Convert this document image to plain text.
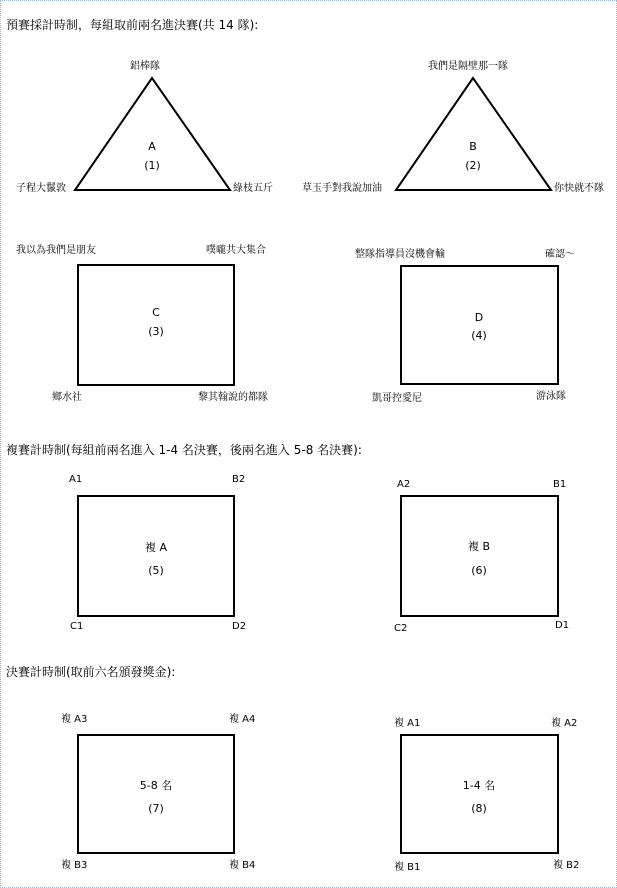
預賽採計時制，每組取前兩名進決賽(共 14 隊):
鋁棒隊
子程大鬣敦	綠枝五斤
A
(1)
我們是隔壁那一隊
草玉手對我說加油	你快就不隊
B
(2)
我以為我們是朋友	噗嚨共大集合
C
(3)
鄉水社	黎其翰說的都隊
整隊指導員沒機會輸	確認～
D
(4)
凱哥控愛尼	游泳隊
複賽計時制(每組前兩名進入 1-4 名決賽，後兩名進入 5-8 名決賽):
A1	B2
複 A
(5)
C1	D2
A2	B1
複 B
(6)
C2	D1
決賽計時制(取前六名頒發獎金):
複 A3	複 A4
5-8 名
(7)
複 B3	複 B4
複 A1	複 A2
1-4 名
(8)
複 B1	複 B2
